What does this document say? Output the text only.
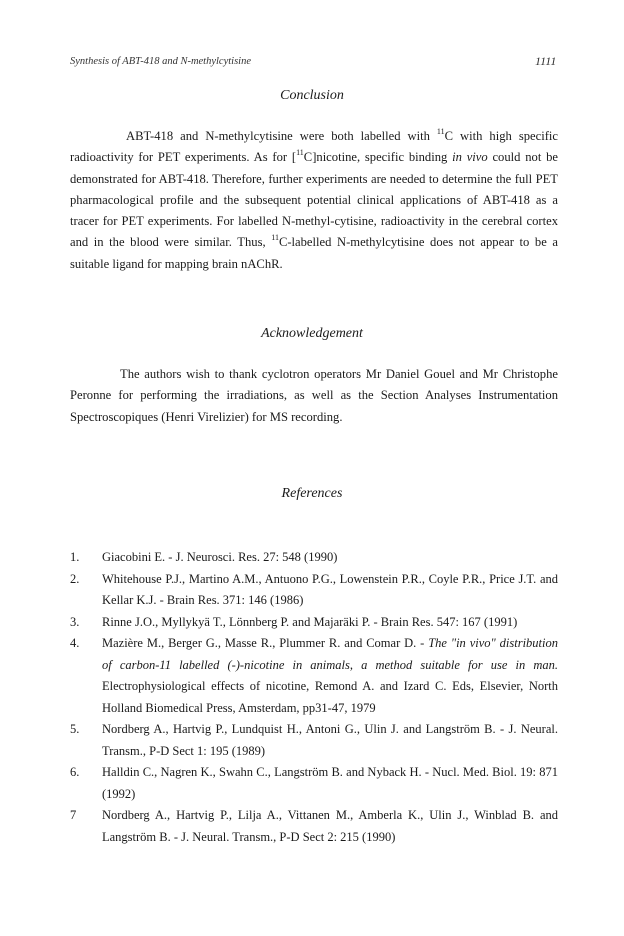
Synthesis of ABT-418 and N-methylcytisine	1111
Conclusion

ABT-418 and N-methylcytisine were both labelled with $^{11}$C with high specific radioactivity for PET experiments. As for [$^{11}$C]nicotine, specific binding in vivo could not be demonstrated for ABT-418. Therefore, further experiments are needed to determine the full PET pharmacological profile and the subsequent potential clinical applications of ABT-418 as a tracer for PET experiments. For labelled N-methyl-cytisine, radioactivity in the cerebral cortex and in the blood were similar. Thus, $^{11}$C-labelled N-methylcytisine does not appear to be a suitable ligand for mapping brain nAChR.

Acknowledgement

The authors wish to thank cyclotron operators Mr Daniel Gouel and Mr Christophe Peronne for performing the irradiations, as well as the Section Analyses Instrumentation Spectroscopiques (Henri Virelizier) for MS recording.

References
1. Giacobini E. - J. Neurosci. Res. 27: 548 (1990)
2. Whitehouse P.J., Martino A.M., Antuono P.G., Lowenstein P.R., Coyle P.R., Price J.T. and Kellar K.J. - Brain Res. 371: 146 (1986)
3. Rinne J.O., Myllykyä T., Lönnberg P. and Majaräki P. - Brain Res. 547: 167 (1991)
4. Mazière M., Berger G., Masse R., Plummer R. and Comar D. - The "in vivo" distribution of carbon-11 labelled (-)-nicotine in animals, a method suitable for use in man. Electrophysiological effects of nicotine, Remond A. and Izard C. Eds, Elsevier, North Holland Biomedical Press, Amsterdam, pp31-47, 1979
5. Nordberg A., Hartvig P., Lundquist H., Antoni G., Ulin J. and Langström B. - J. Neural. Transm., P-D Sect 1: 195 (1989)
6. Halldin C., Nagren K., Swahn C., Langström B. and Nyback H. - Nucl. Med. Biol. 19: 871 (1992)
7 Nordberg A., Hartvig P., Lilja A., Vittanen M., Amberla K., Ulin J., Winblad B. and Langström B. - J. Neural. Transm., P-D Sect 2: 215 (1990)
